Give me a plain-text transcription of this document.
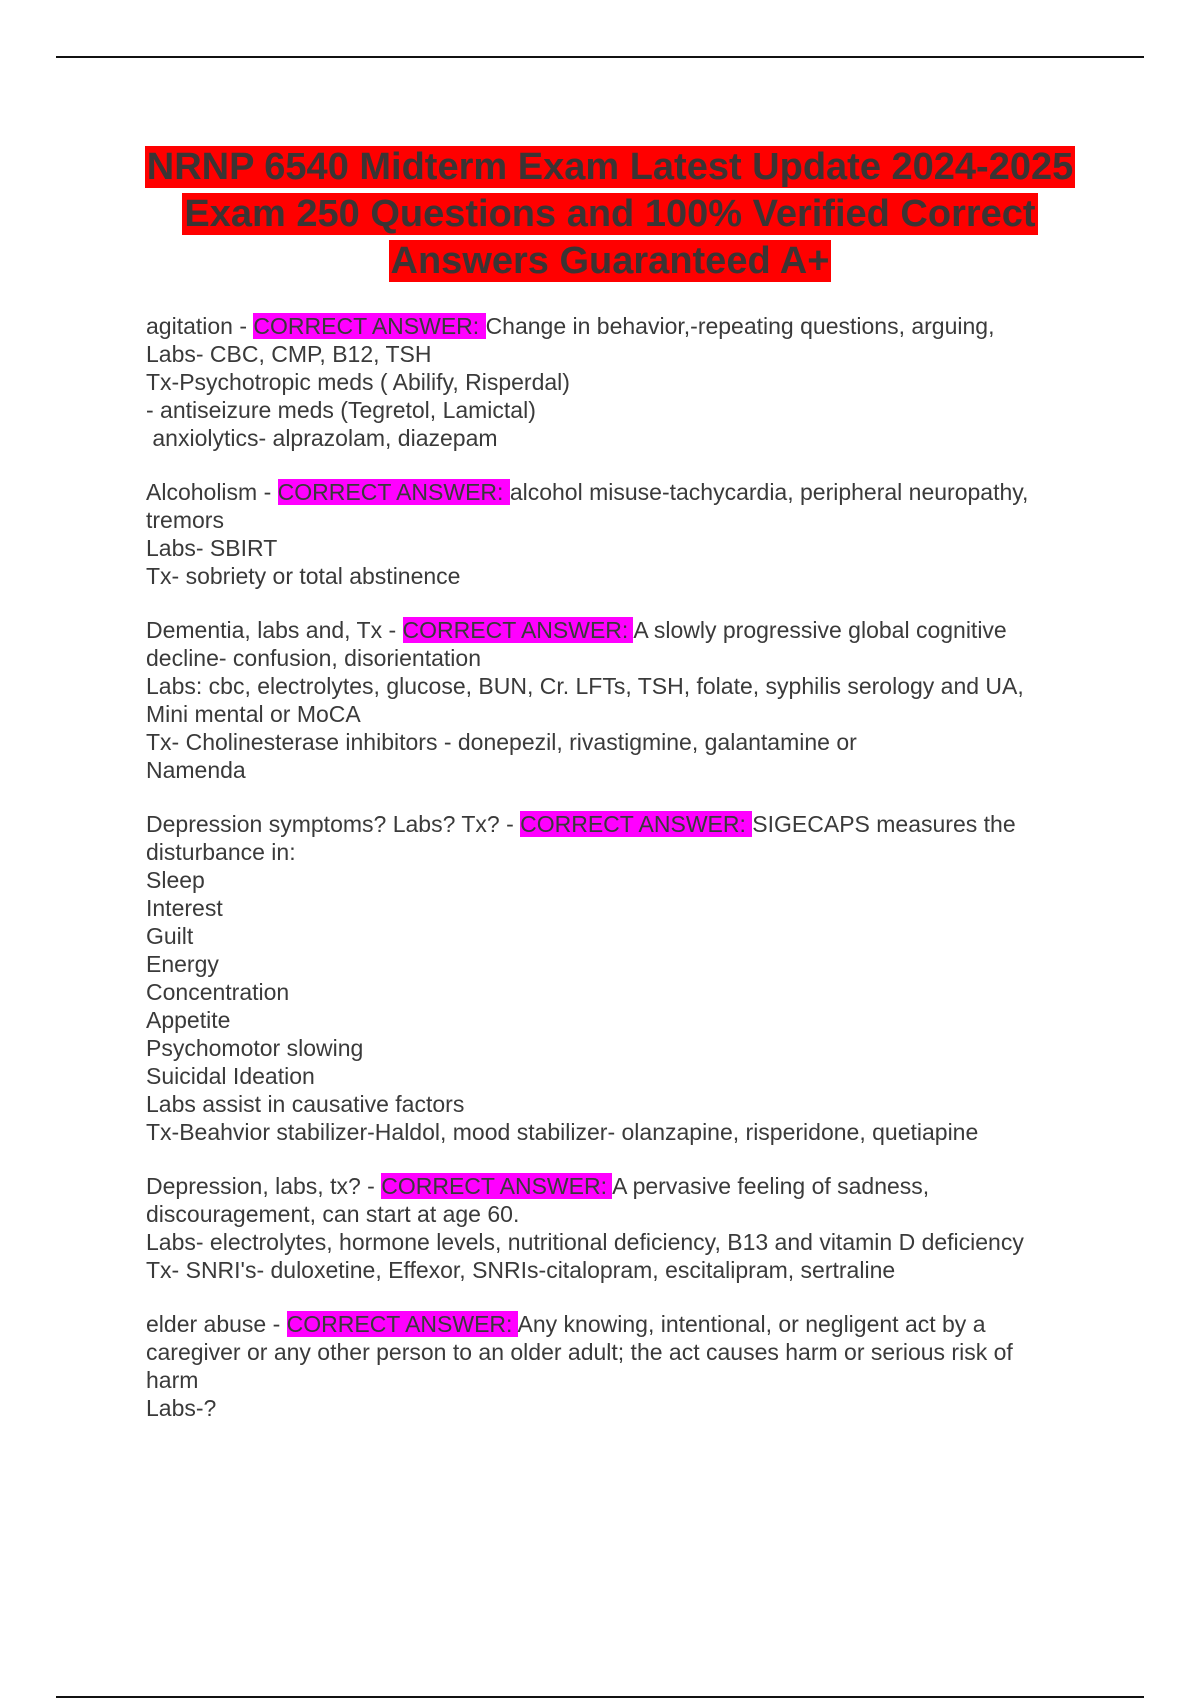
NRNP 6540 Midterm Exam Latest Update 2024-2025 Exam 250 Questions and 100% Verified Correct Answers Guaranteed A+

agitation - CORRECT ANSWER: Change in behavior,-repeating questions, arguing,

Labs- CBC, CMP, B12, TSH

Tx-Psychotropic meds ( Abilify, Risperdal)

- antiseizure meds (Tegretol, Lamictal)

anxiolytics- alprazolam, diazepam

Alcoholism - CORRECT ANSWER: alcohol misuse-tachycardia, peripheral neuropathy,

tremors

Labs- SBIRT

Tx- sobriety or total abstinence

Dementia, labs and, Tx - CORRECT ANSWER: A slowly progressive global cognitive

decline- confusion, disorientation

Labs: cbc, electrolytes, glucose, BUN, Cr. LFTs, TSH, folate, syphilis serology and UA,

Mini mental or MoCA

Tx- Cholinesterase inhibitors - donepezil, rivastigmine, galantamine or

Namenda

Depression symptoms? Labs? Tx? - CORRECT ANSWER: SIGECAPS measures the

disturbance in:

Sleep

Interest

Guilt

Energy

Concentration

Appetite

Psychomotor slowing

Suicidal Ideation

Labs assist in causative factors

Tx-Beahvior stabilizer-Haldol, mood stabilizer- olanzapine, risperidone, quetiapine

Depression, labs, tx? - CORRECT ANSWER: A pervasive feeling of sadness,

discouragement, can start at age 60.

Labs- electrolytes, hormone levels, nutritional deficiency, B13 and vitamin D deficiency

Tx- SNRI's- duloxetine, Effexor, SNRIs-citalopram, escitalipram, sertraline

elder abuse - CORRECT ANSWER: Any knowing, intentional, or negligent act by a

caregiver or any other person to an older adult; the act causes harm or serious risk of

harm

Labs-?
